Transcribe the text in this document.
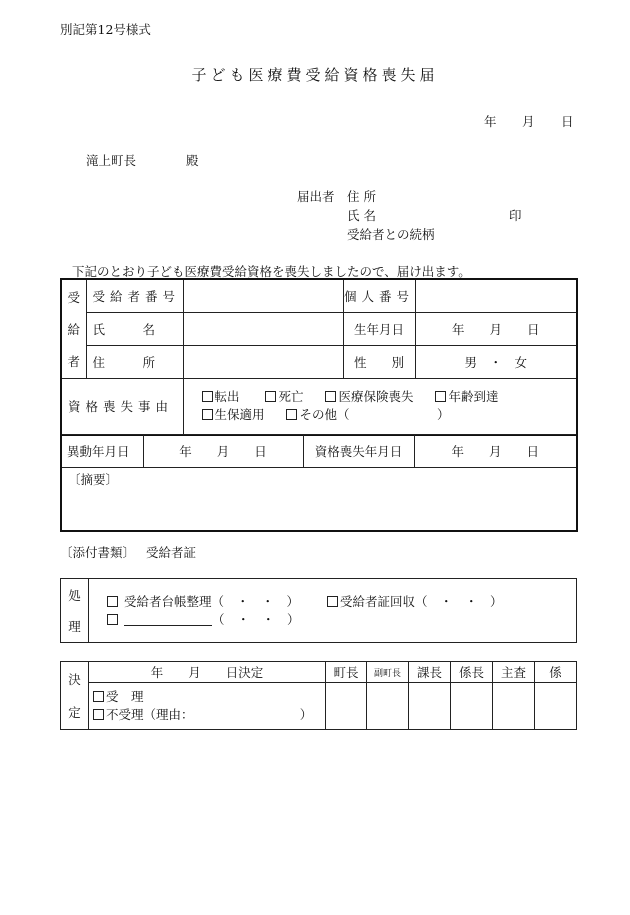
別記第12号様式
子ども医療費受給資格喪失届
年 月 日
滝上町長	殿
届出者 住 所
氏 名	印
受給者との続柄
下記のとおり子ども医療費受給資格を喪失しましたので、届け出ます。
受
給
者	受給者番号		個人番号	
	氏　　　名		生年月日	年　　月　　日
	住　　　所		性　　別	男　・　女
資格喪失事由		転出 死亡 医療保険喪失 年齢到達
生保適用 その他（　　　　　　　）		
異動年月日	年　　月　　日	資格喪失年月日	年　　月　　日
〔摘要〕
〔添付書類〕 受給者証
処
理

受給者台帳整理（　・　・　）	受給者証回収（　・　・　）
（　・　・　）
決
定	年　　月　　日決定	町長	副町長	課長	係長	主査	係

	受　理
不受理（理由：　　　　　　　　　）						
